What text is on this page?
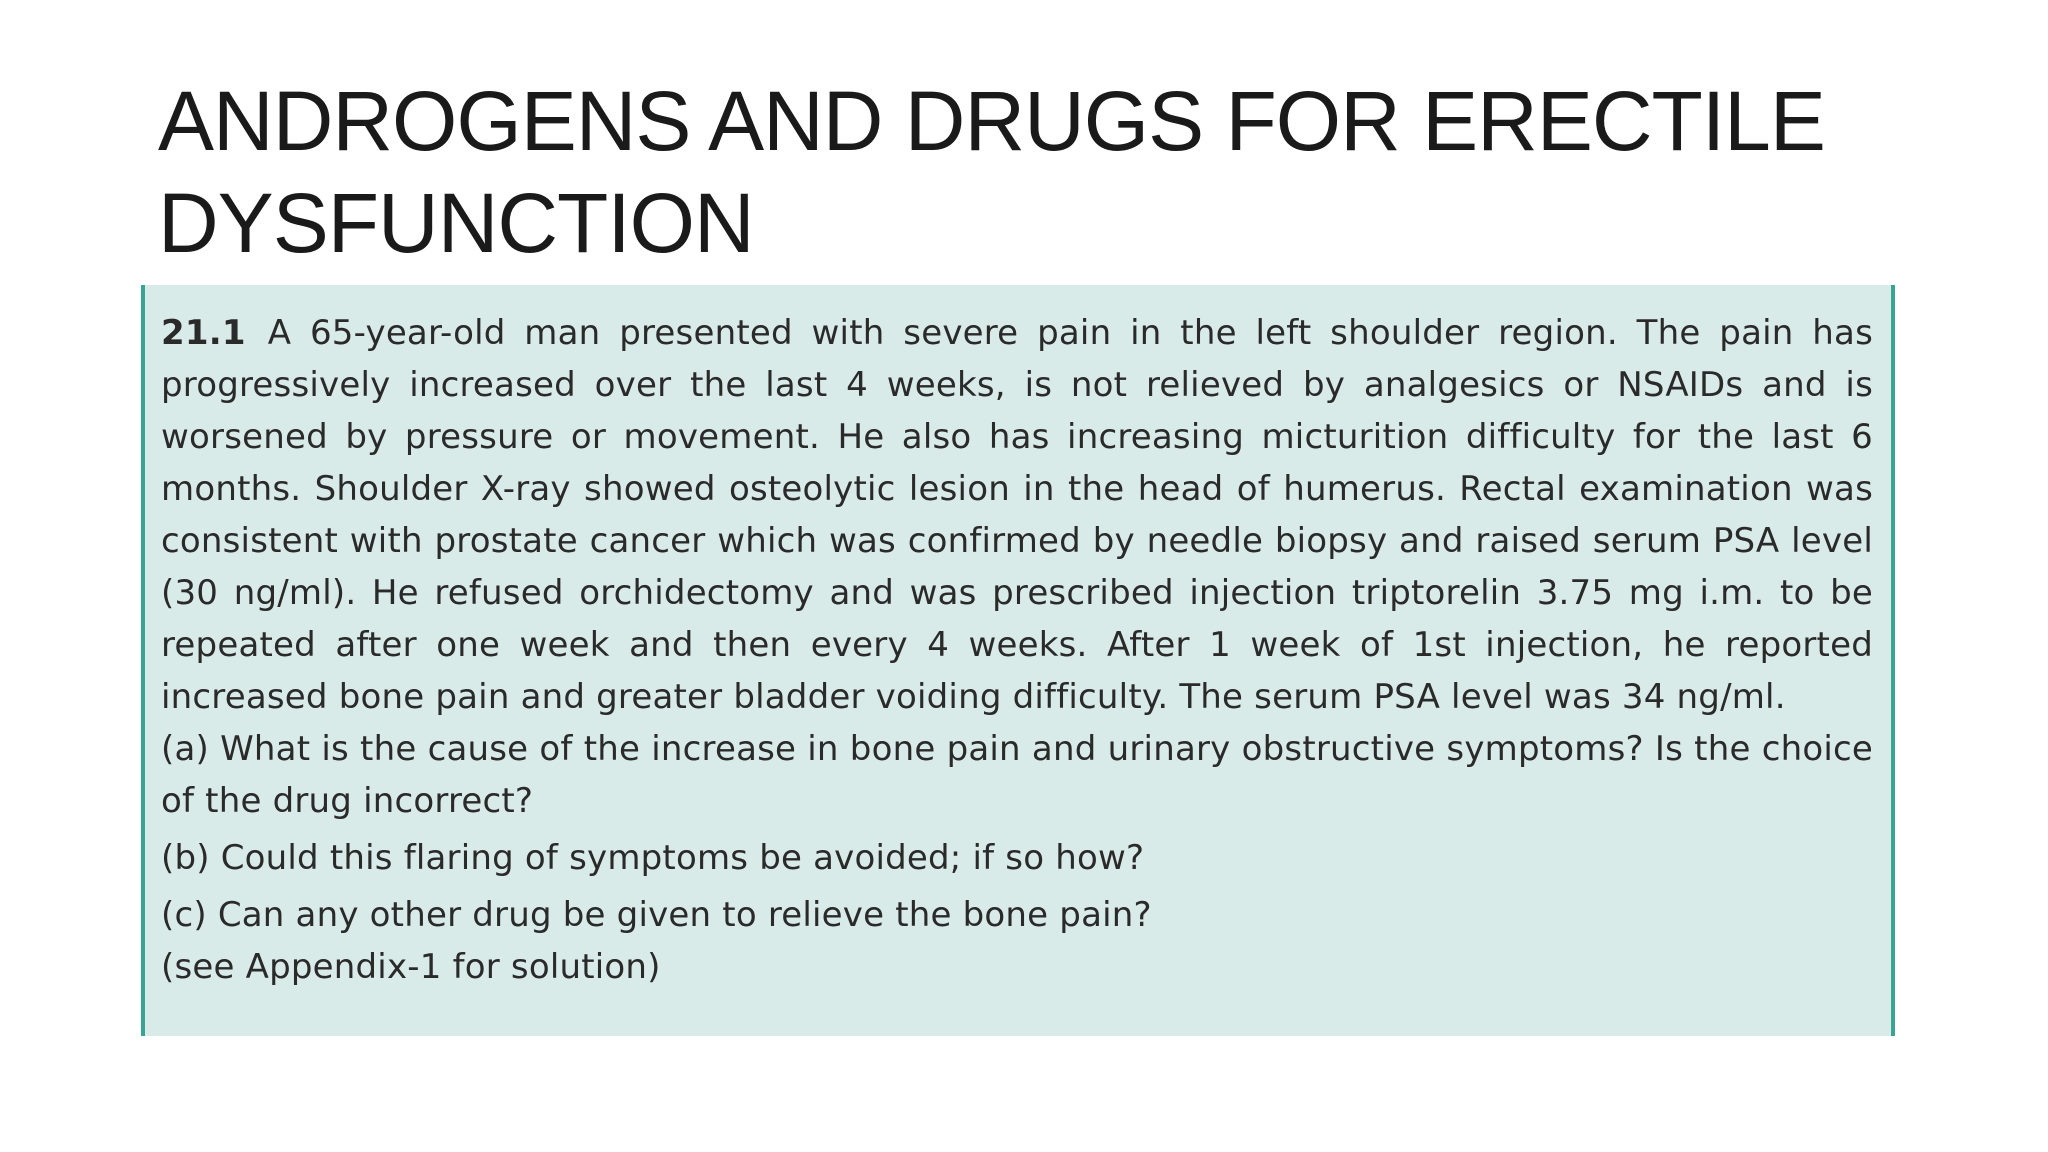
ANDROGENS AND DRUGS FOR ERECTILE DYSFUNCTION

21.1 A 65-year-old man presented with severe pain in the left shoulder region. The pain has progressively increased over the last 4 weeks, is not relieved by analgesics or NSAIDs and is worsened by pressure or movement. He also has increasing micturition difficulty for the last 6 months. Shoulder X-ray showed osteolytic lesion in the head of humerus. Rectal examination was consistent with prostate cancer which was confirmed by needle biopsy and raised serum PSA level (30 ng/ml). He refused orchidectomy and was prescribed injection triptorelin 3.75 mg i.m. to be repeated after one week and then every 4 weeks. After 1 week of 1st injection, he reported increased bone pain and greater bladder voiding difficulty. The serum PSA level was 34 ng/ml.

(a) What is the cause of the increase in bone pain and urinary obstructive symptoms? Is the choice of the drug incorrect?

(b) Could this flaring of symptoms be avoided; if so how?

(c) Can any other drug be given to relieve the bone pain?

(see Appendix-1 for solution)
